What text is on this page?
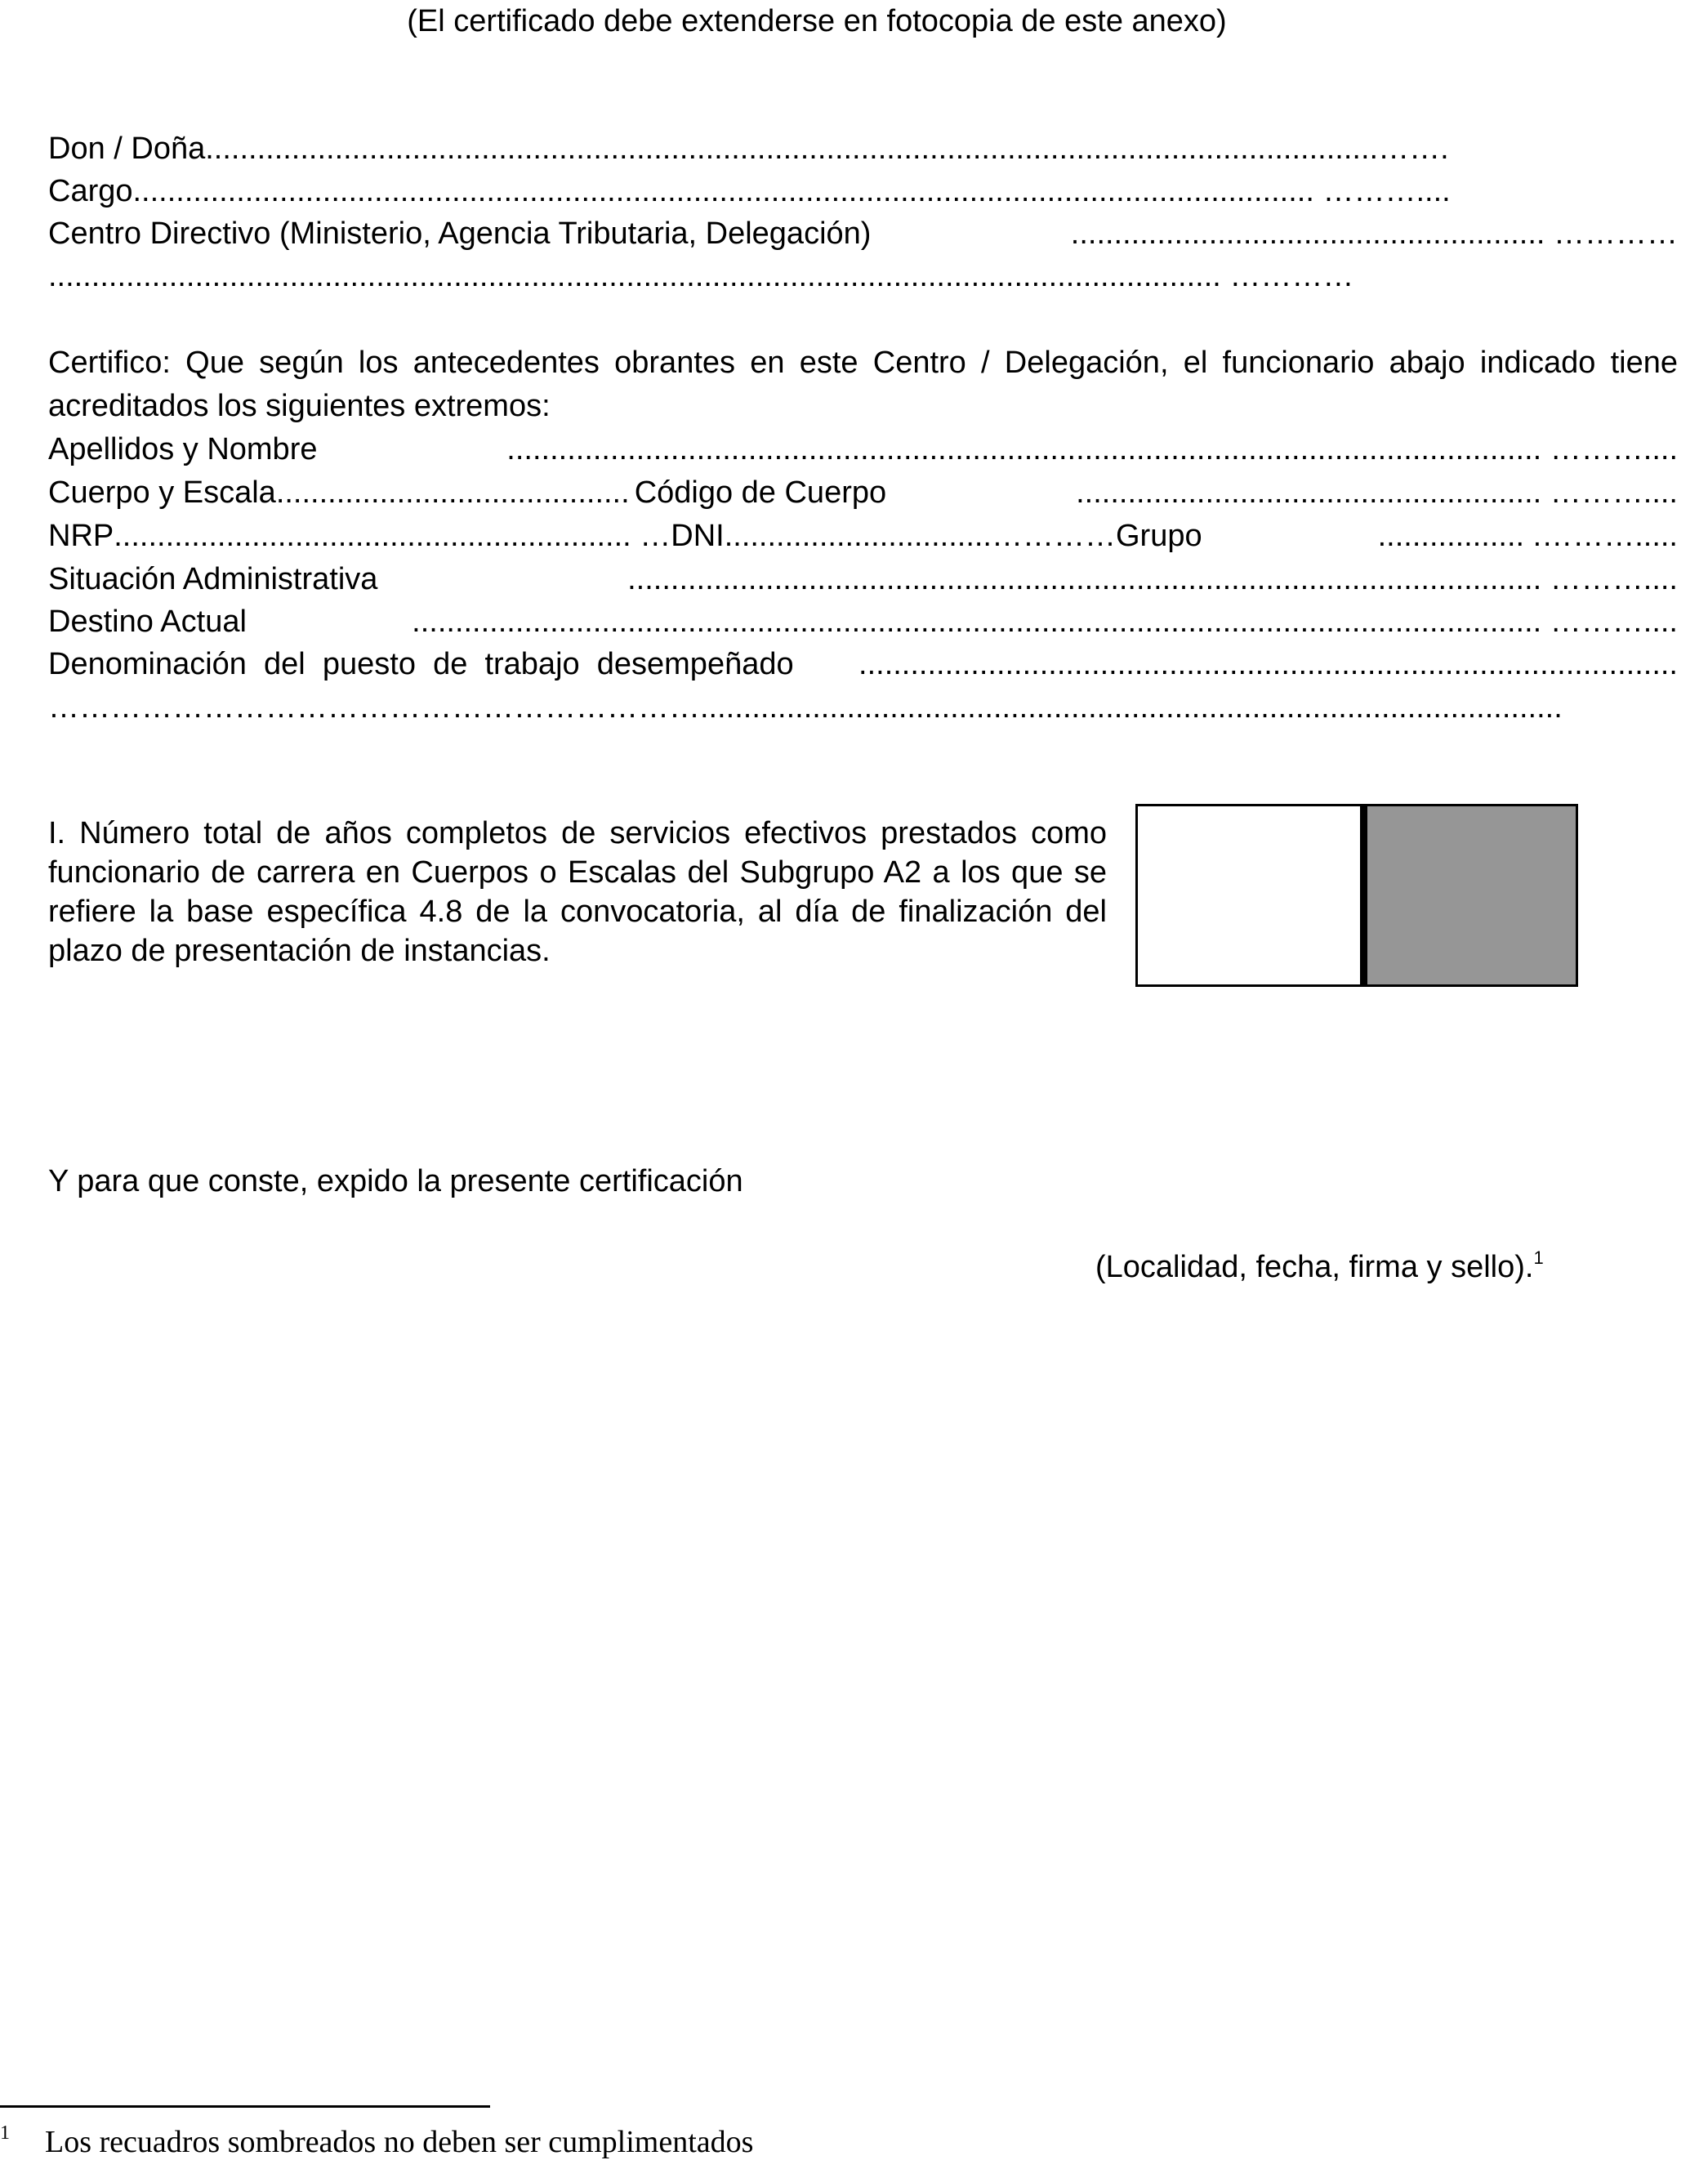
(El certificado debe extenderse en fotocopia de este anexo)
Don / Doña ........................................................................................................................................…….
Cargo ......................................................................................................................................... ………....
Centro Directivo (Ministerio, Agencia Tributaria, Delegación)	....................................................... …………
........................................................................................................................................ …………
Certifico: Que según los antecedentes obrantes en este Centro / Delegación, el funcionario abajo indicado tiene acreditados los siguientes extremos:
Apellidos y Nombre	........................................................................................................................ ………....
Cuerpo y Escala ......................................... Código de Cuerpo	...................................................... ………....
NRP ............................................................ … DNI ...............................………… Grupo	................. .……….....
Situación Administrativa	.......................................................................................................... ………....
Destino Actual	................................................................................................................................... ………....
Denominación  del  puesto  de  trabajo  desempeñado	...............................................................................................
………………………………………………………....................................................................................................
I. Número total de años completos de servicios efectivos prestados como funcionario de carrera en Cuerpos o Escalas del Subgrupo A2 a los que se refiere la base específica 4.8 de la convocatoria, al día de finalización del plazo de presentación de instancias.
Y para que conste, expido la presente certificación
(Localidad, fecha, firma y sello).$^1$
1 Los recuadros sombreados no deben ser cumplimentados
